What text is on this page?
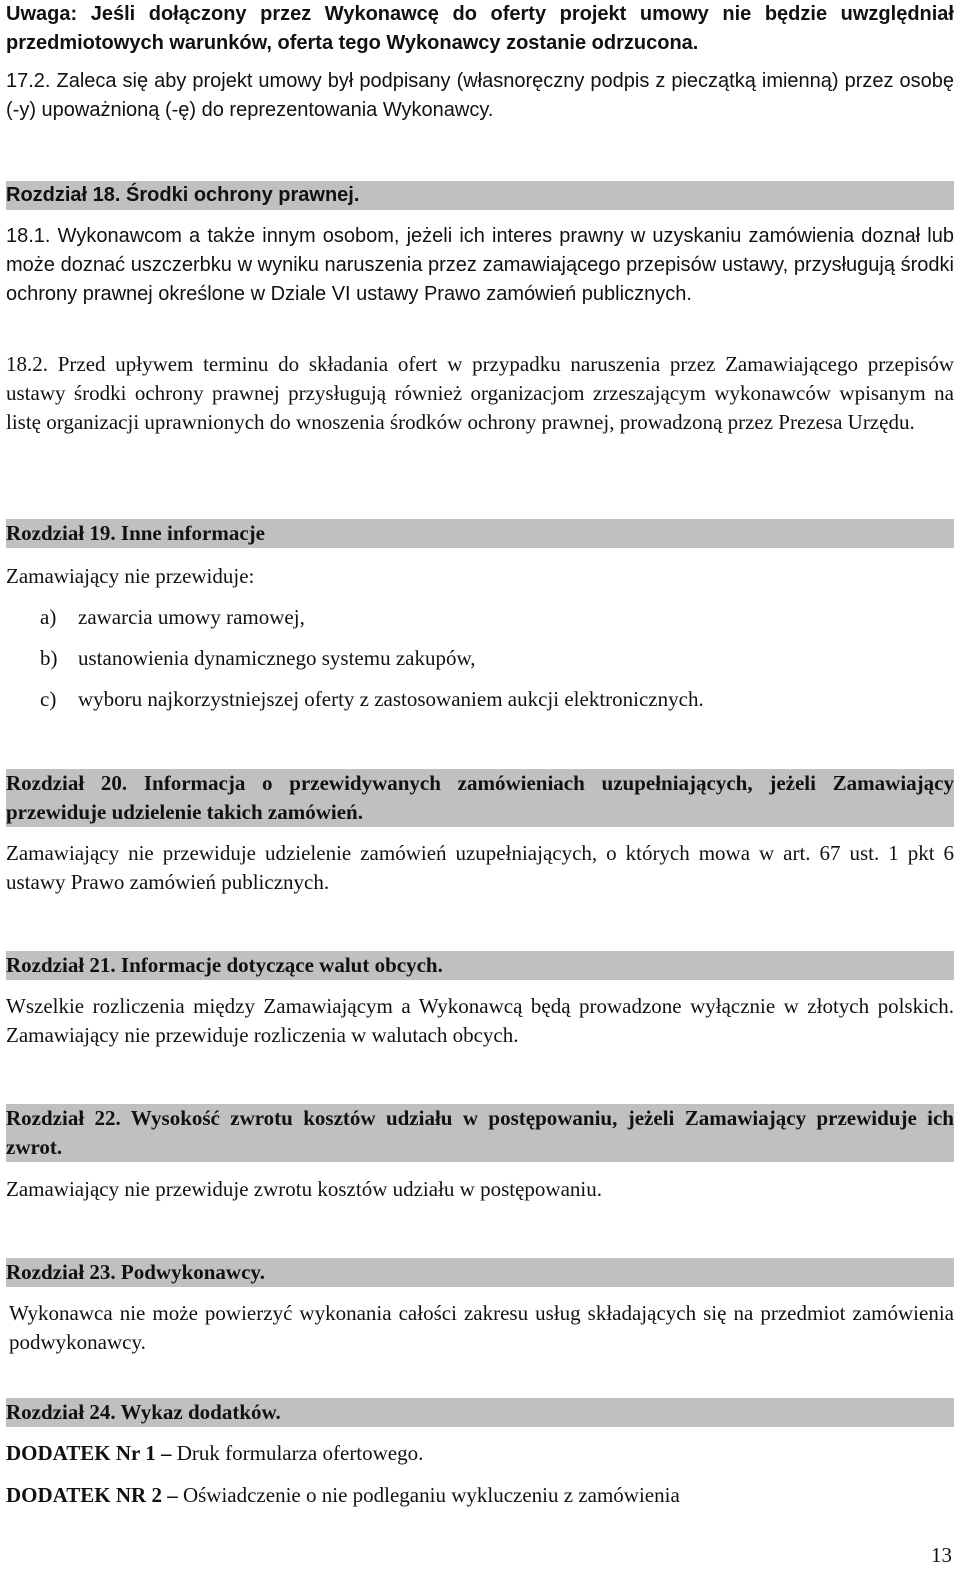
Uwaga: Jeśli dołączony przez Wykonawcę do oferty projekt umowy nie będzie uwzględniał przedmiotowych warunków, oferta tego Wykonawcy zostanie odrzucona.

17.2. Zaleca się aby projekt umowy był podpisany (własnoręczny podpis z pieczątką imienną) przez osobę (-y) upoważnioną (-ę) do reprezentowania Wykonawcy.

Rozdział 18. Środki ochrony prawnej.

18.1. Wykonawcom a także innym osobom, jeżeli ich interes prawny w uzyskaniu zamówienia doznał lub może doznać uszczerbku w wyniku naruszenia przez zamawiającego przepisów ustawy, przysługują środki ochrony prawnej określone w Dziale VI ustawy Prawo zamówień publicznych.

18.2. Przed upływem terminu do składania ofert w przypadku naruszenia przez Zamawiającego przepisów ustawy środki ochrony prawnej przysługują również organizacjom zrzeszającym wykonawców wpisanym na listę organizacji uprawnionych do wnoszenia środków ochrony prawnej, prowadzoną przez Prezesa Urzędu.

Rozdział 19. Inne informacje

Zamawiający nie przewiduje:

a)	zawarcia umowy ramowej,
b) ustanowienia dynamicznego systemu zakupów,
c)	wyboru najkorzystniejszej oferty z zastosowaniem aukcji elektronicznych.
Rozdział 20. Informacja o przewidywanych zamówieniach uzupełniających, jeżeli Zamawiający przewiduje udzielenie takich zamówień.

Zamawiający nie przewiduje udzielenie zamówień uzupełniających, o których mowa w art. 67 ust. 1 pkt 6 ustawy Prawo zamówień publicznych.

Rozdział 21. Informacje dotyczące walut obcych.

Wszelkie rozliczenia między Zamawiającym a Wykonawcą będą prowadzone wyłącznie w złotych polskich. Zamawiający nie przewiduje rozliczenia w walutach obcych.

Rozdział 22. Wysokość zwrotu kosztów udziału w postępowaniu, jeżeli Zamawiający przewiduje ich zwrot.

Zamawiający nie przewiduje zwrotu kosztów udziału w postępowaniu.

Rozdział 23. Podwykonawcy.

Wykonawca nie może powierzyć wykonania całości zakresu usług składających się na przedmiot zamówienia podwykonawcy.

Rozdział 24. Wykaz dodatków.
DODATEK Nr 1 – Druk formularza ofertowego.
DODATEK NR 2 – Oświadczenie o nie podleganiu wykluczeniu z zamówienia
13
